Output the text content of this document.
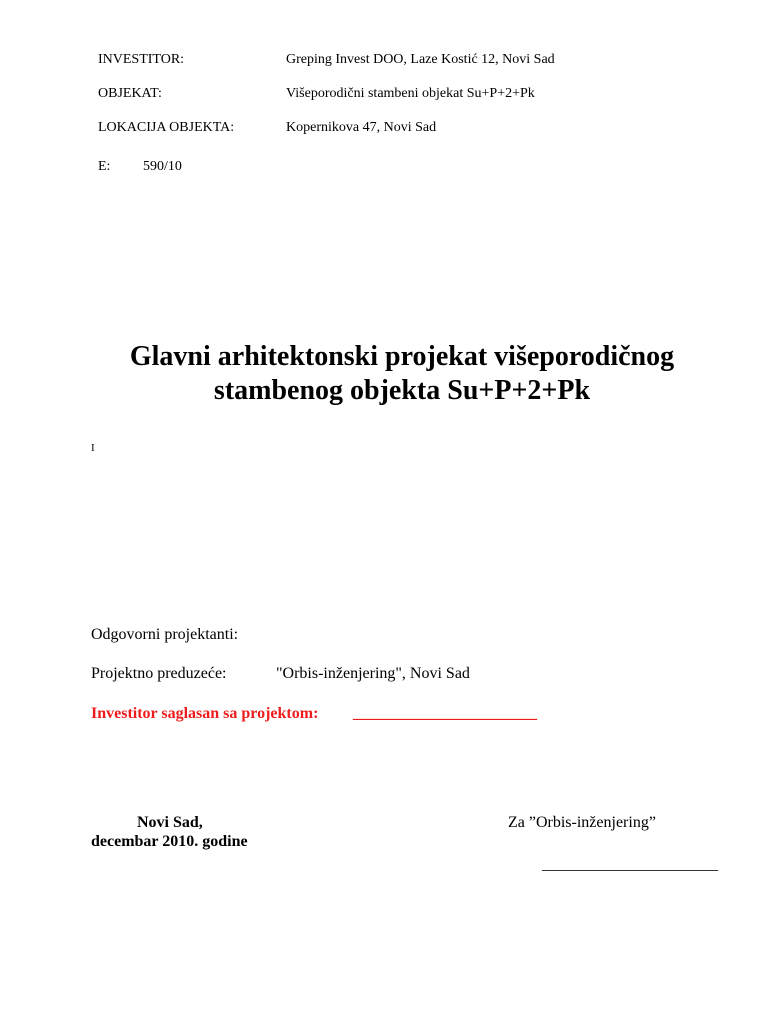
INVESTITOR:	Greping Invest DOO, Laze Kostić 12, Novi Sad
OBJEKAT:	Višeporodični stambeni objekat Su+P+2+Pk
LOKACIJA OBJEKTA:	Kopernikova 47, Novi Sad
E: 590/10
Glavni arhitektonski projekat višeporodičnog
stambenog objekta Su+P+2+Pk
I
Odgovorni projektanti:
Projektno preduzeće:	"Orbis-inženjering", Novi Sad
Investitor saglasan sa projektom: _______________________
Novi Sad,
decembar 2010. godine
Za ”Orbis-inženjering”
______________________
